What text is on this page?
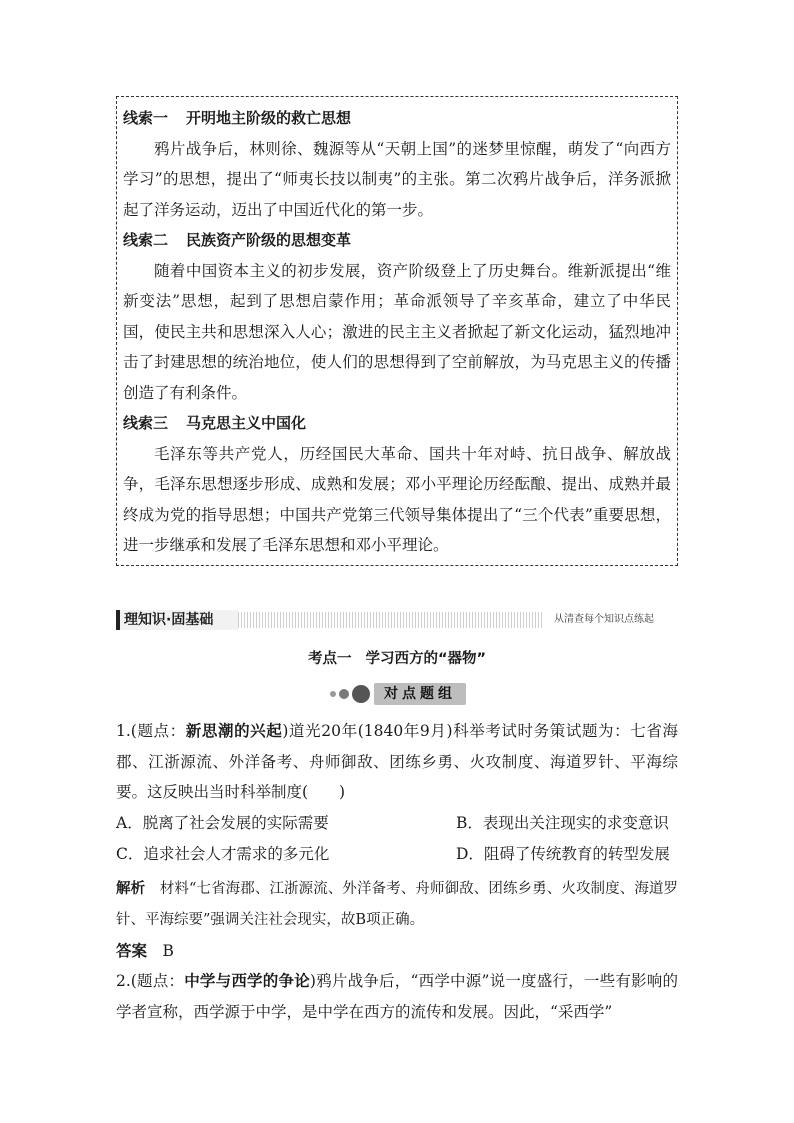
线索一 开明地主阶级的救亡思想

鸦片战争后，林则徐、魏源等从“天朝上国”的迷梦里惊醒，萌发了“向西方学习”的思想，提出了“师夷长技以制夷”的主张。第二次鸦片战争后，洋务派掀起了洋务运动，迈出了中国近代化的第一步。

线索二 民族资产阶级的思想变革

随着中国资本主义的初步发展，资产阶级登上了历史舞台。维新派提出“维新变法”思想，起到了思想启蒙作用；革命派领导了辛亥革命，建立了中华民国，使民主共和思想深入人心；激进的民主主义者掀起了新文化运动，猛烈地冲击了封建思想的统治地位，使人们的思想得到了空前解放，为马克思主义的传播创造了有利条件。

线索三 马克思主义中国化

毛泽东等共产党人，历经国民大革命、国共十年对峙、抗日战争、解放战争，毛泽东思想逐步形成、成熟和发展；邓小平理论历经酝酿、提出、成熟并最终成为党的指导思想；中国共产党第三代领导集体提出了“三个代表”重要思想，进一步继承和发展了毛泽东思想和邓小平理论。

理知识·固基础	从清查每个知识点练起
考点一 学习西方的“器物”
对点题组

1.(题点：新思潮的兴起)道光20年(1840年9月)科举考试时务策试题为：七省海郡、江浙源流、外洋备考、舟师御敌、团练乡勇、火攻制度、海道罗针、平海综要。这反映出当时科举制度(　　)

A．脱离了社会发展的实际需要	B．表现出关注现实的求变意识
C．追求社会人才需求的多元化	D．阻碍了传统教育的转型发展

解析  材料“七省海郡、江浙源流、外洋备考、舟师御敌、团练乡勇、火攻制度、海道罗针、平海综要”强调关注社会现实，故B项正确。

答案  B

2.(题点：中学与西学的争论)鸦片战争后，“西学中源”说一度盛行，一些有影响的学者宣称，西学源于中学，是中学在西方的流传和发展。因此，“采西学”
